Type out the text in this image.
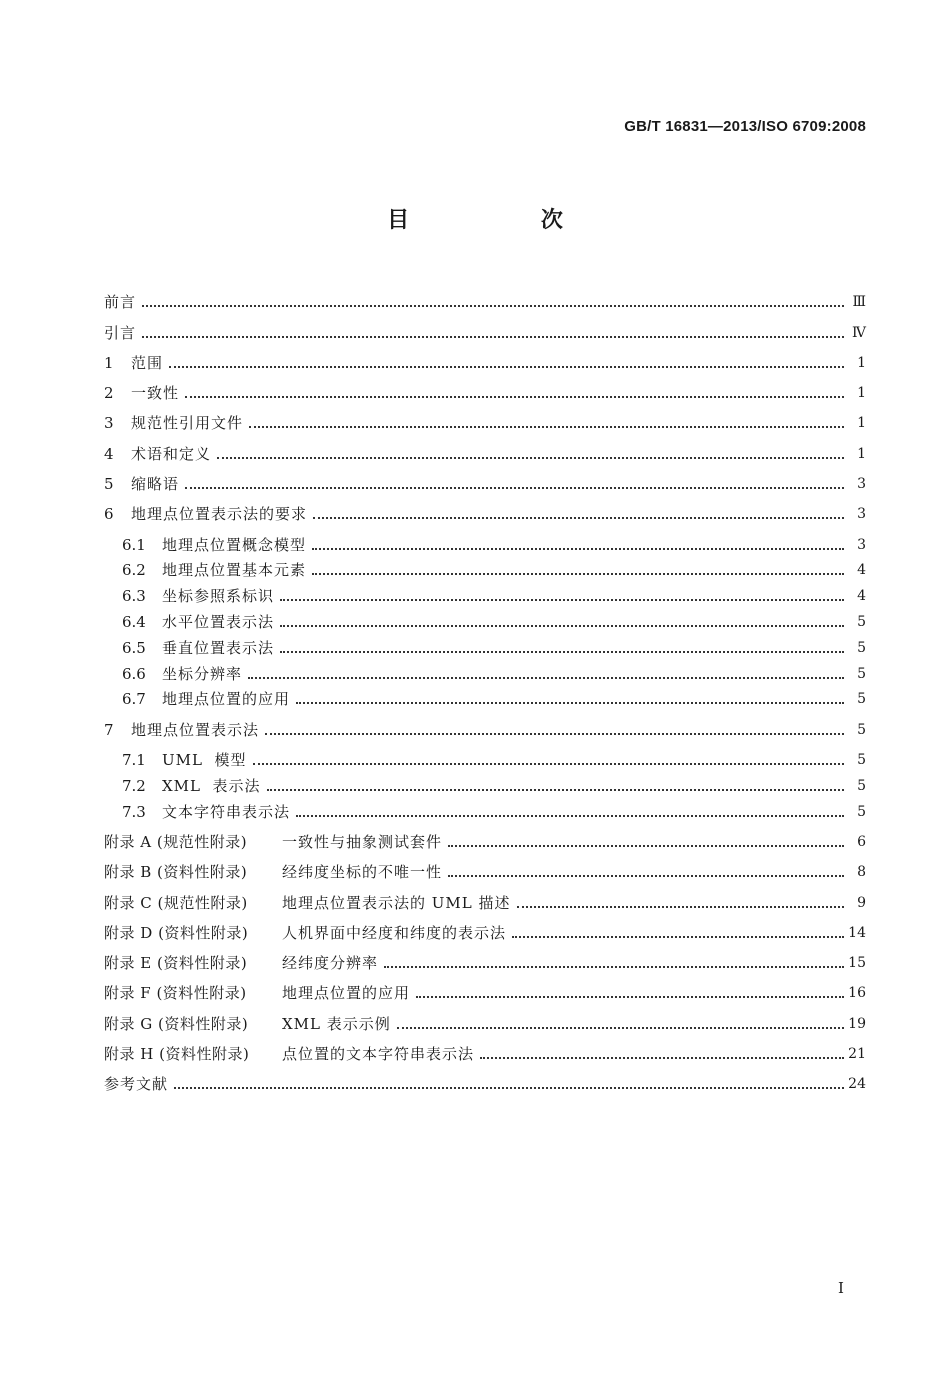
GB/T 16831—2013/ISO 6709:2008
目 次
前言	Ⅲ
引言	Ⅳ
1	范围	1
2	一致性	1
3	规范性引用文件	1
4	术语和定义	1
5	缩略语	3
6	地理点位置表示法的要求	3
6.1	地理点位置概念模型	3
6.2	地理点位置基本元素	4
6.3	坐标参照系标识	4
6.4	水平位置表示法	5
6.5	垂直位置表示法	5
6.6	坐标分辨率	5
6.7	地理点位置的应用	5
7	地理点位置表示法	5
7.1	UML  模型	5
7.2	XML  表示法	5
7.3	文本字符串表示法	5
附录 A (规范性附录)	一致性与抽象测试套件	6
附录 B (资料性附录)	经纬度坐标的不唯一性	8
附录 C (规范性附录)	地理点位置表示法的 UML 描述	9
附录 D (资料性附录)	人机界面中经度和纬度的表示法	14
附录 E (资料性附录)	经纬度分辨率	15
附录 F (资料性附录)	地理点位置的应用	16
附录 G (资料性附录)	XML 表示示例	19
附录 H (资料性附录)	点位置的文本字符串表示法	21
参考文献	24
Ⅰ
